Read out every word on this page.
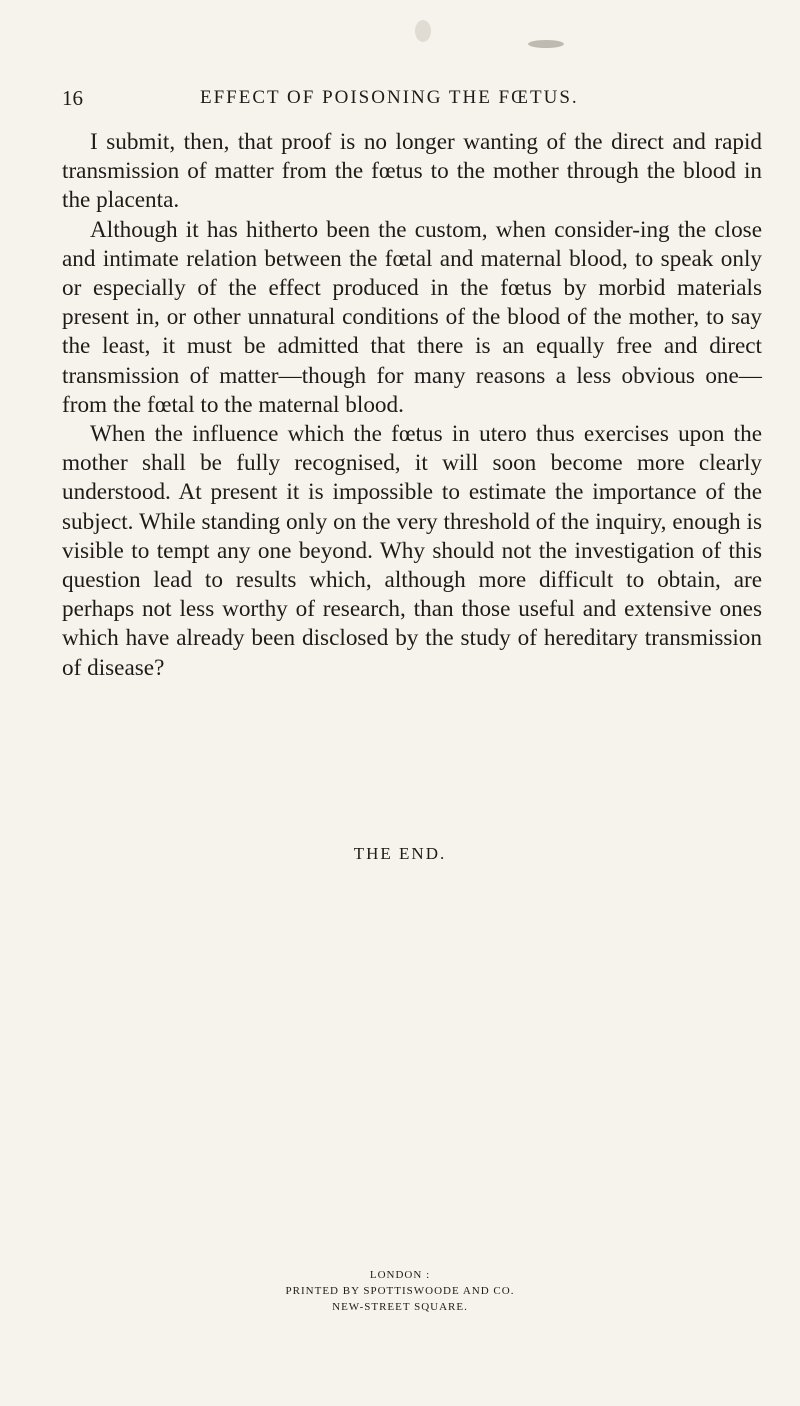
16	EFFECT OF POISONING THE FŒTUS.

I submit, then, that proof is no longer wanting of the direct and rapid transmission of matter from the fœtus to the mother through the blood in the placenta.

Although it has hitherto been the custom, when consider-ing the close and intimate relation between the fœtal and maternal blood, to speak only or especially of the effect produced in the fœtus by morbid materials present in, or other unnatural conditions of the blood of the mother, to say the least, it must be admitted that there is an equally free and direct transmission of matter—though for many reasons a less obvious one—from the fœtal to the maternal blood.

When the influence which the fœtus in utero thus exercises upon the mother shall be fully recognised, it will soon become more clearly understood. At present it is impossible to estimate the importance of the subject. While standing only on the very threshold of the inquiry, enough is visible to tempt any one beyond. Why should not the investigation of this question lead to results which, although more difficult to obtain, are perhaps not less worthy of research, than those useful and extensive ones which have already been disclosed by the study of hereditary transmission of disease?

THE END.
LONDON :
PRINTED BY SPOTTISWOODE AND CO.
NEW-STREET SQUARE.
